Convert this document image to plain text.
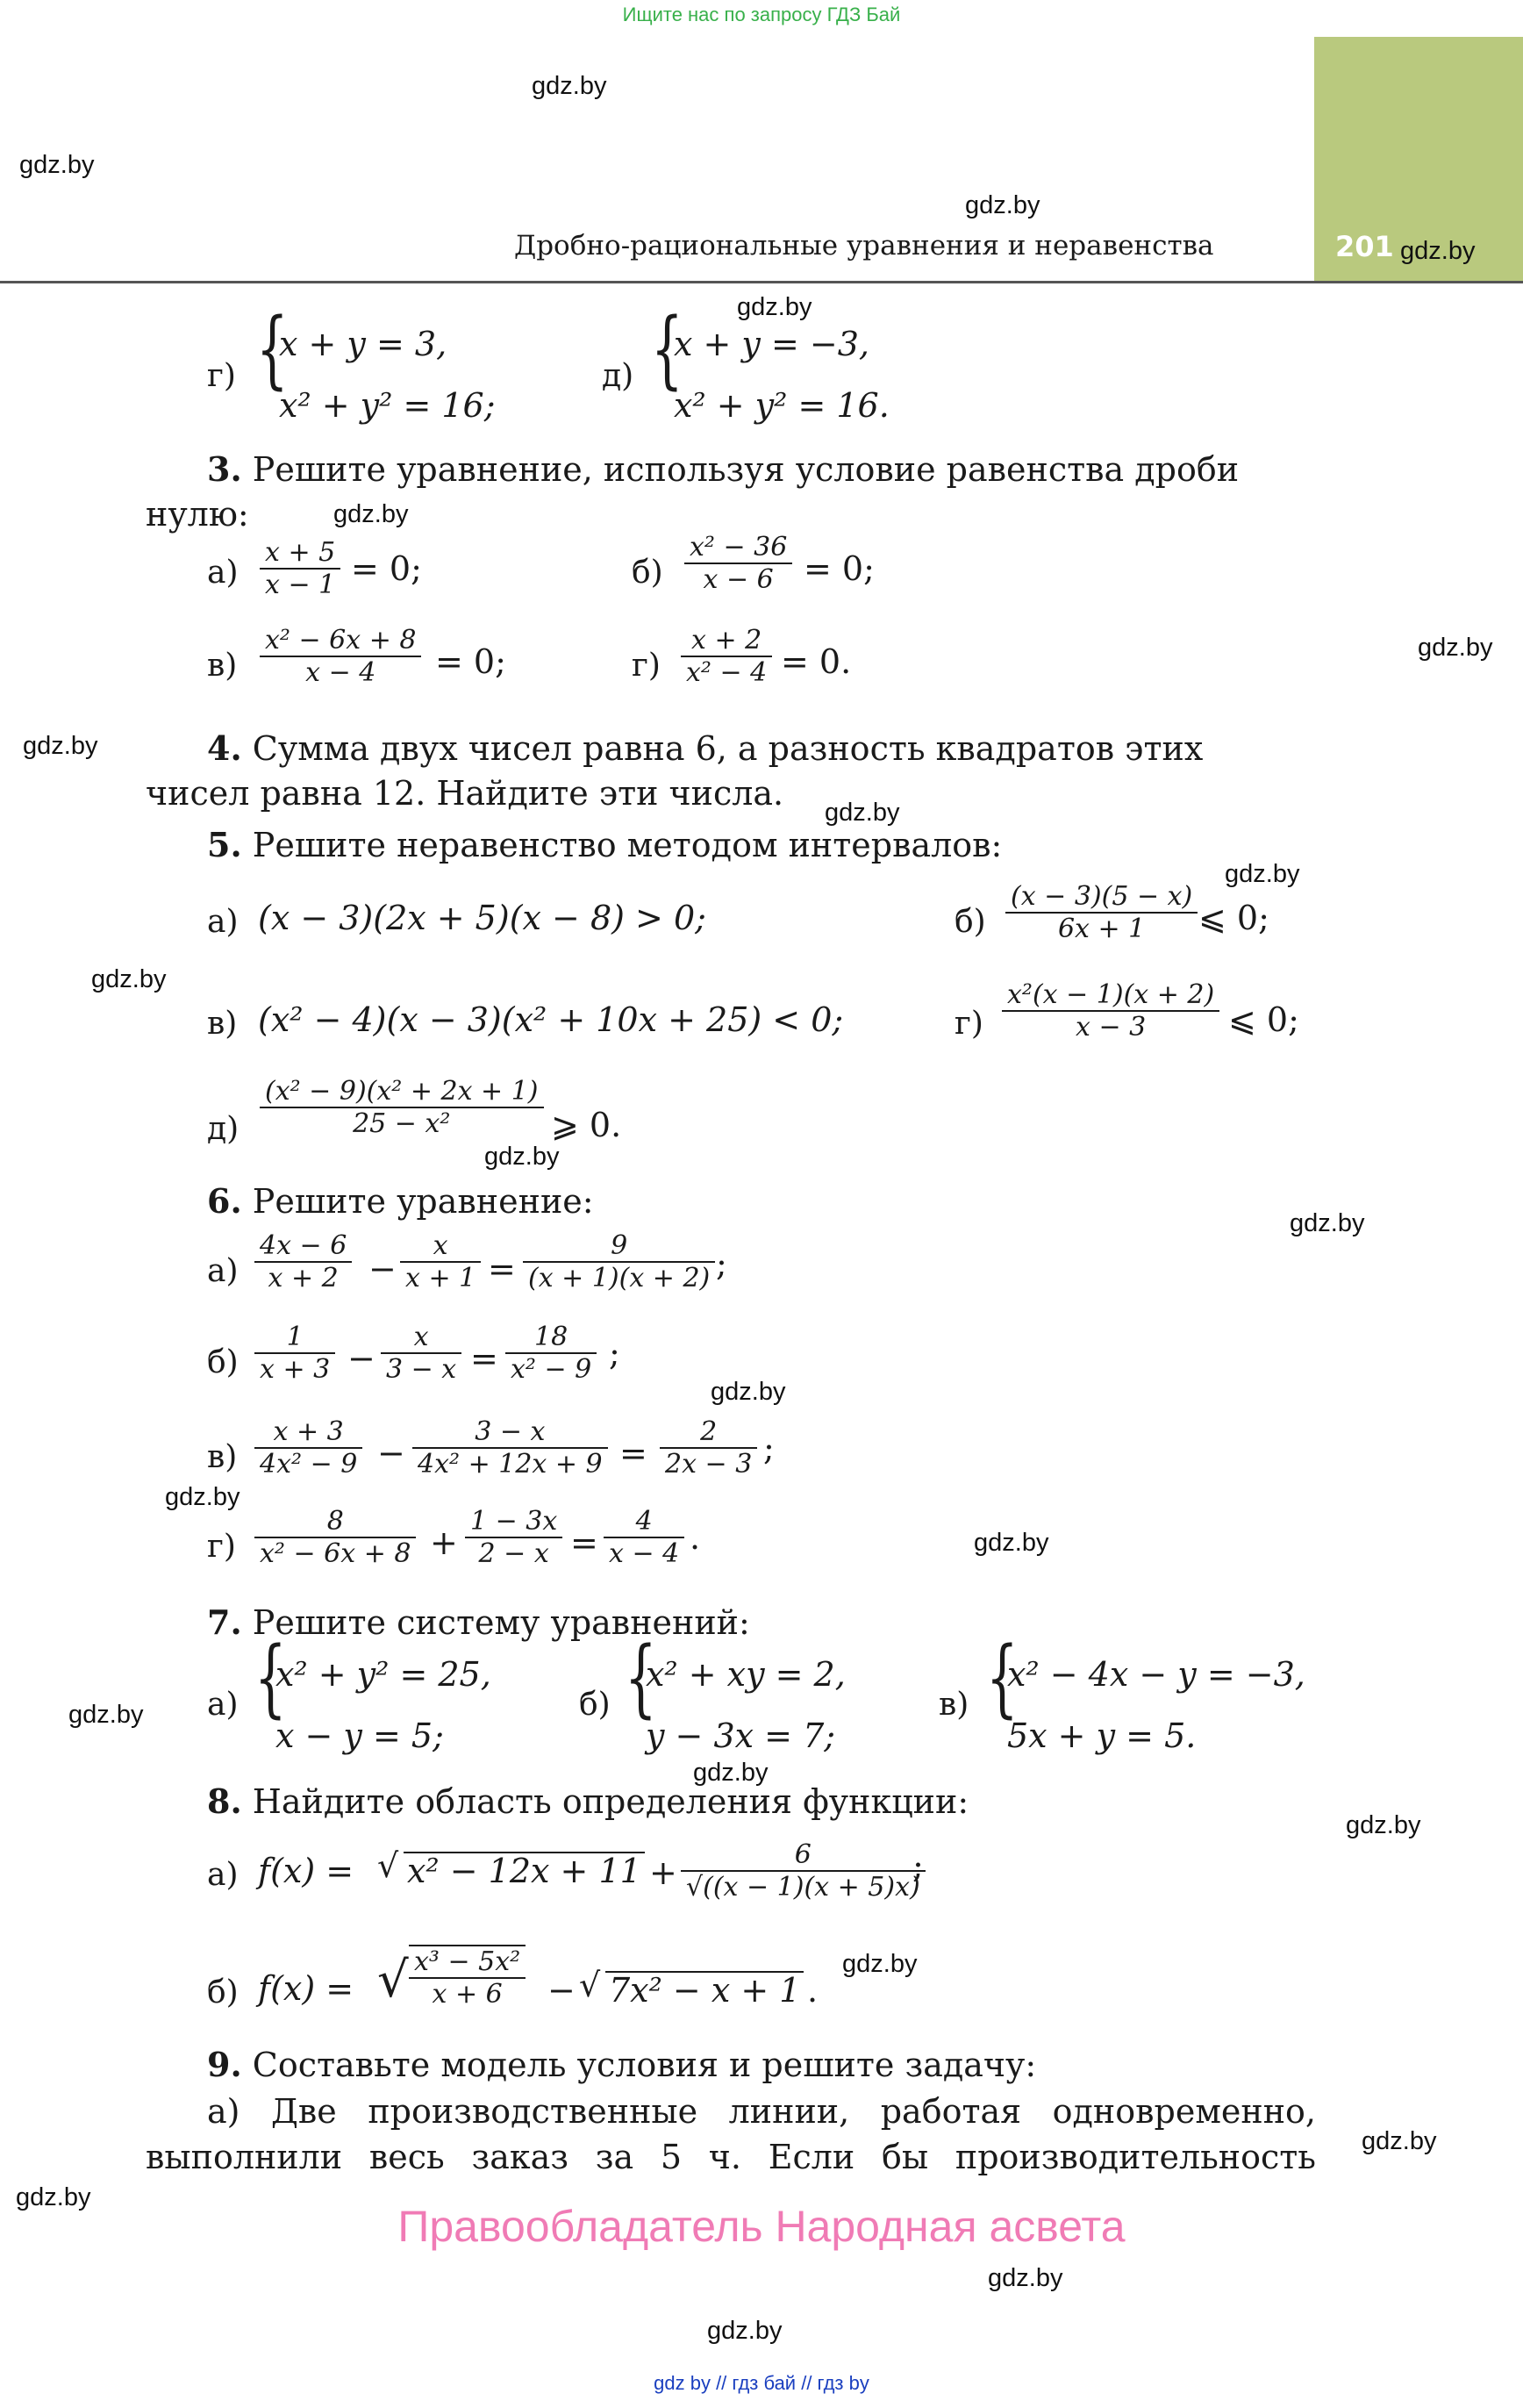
Ищите нас по запросу ГДЗ Бай
201
Дробно-рациональные уравнения и неравенства
gdz.by
gdz.by
gdz.by
gdz.by
gdz.by
gdz.by
gdz.by
gdz.by
gdz.by
gdz.by
gdz.by
gdz.by
gdz.by
gdz.by
gdz.by
gdz.by
gdz.by
gdz.by
gdz.by
gdz.by
gdz.by
gdz.by
gdz.by
gdz.by
г) {
x + y = 3,
x² + y² = 16;
д) {
x + y = −3,
x² + y² = 16.
3. Решите уравнение, используя условие равенства дроби
нулю:
$а) \frac{x + 5}{x - 1} = 0$;	$б) \frac{\text{x² − 36}}{x - 6} = 0$;
$в) \frac{\text{x² − 6x + 8}}{x - 4} = 0$;	$г) \frac{x + 2}{\text{x² − 4}} = 0$.
4. Сумма двух чисел равна 6, а разность квадратов этих
чисел равна 12. Найдите эти числа.
5. Решите неравенство методом интервалов:
а) (x − 3)(2x + 5)(x − 8) > 0;	$б) \frac{(x - 3)(5 - x)}{6x + 1}$ ⩽ 0;
в) (x² − 4)(x − 3)(x² + 10x + 25) < 0;	$г) \frac{\text{x²(x − 1)(x + 2)}}{x - 3}$ ⩽ 0;
$д) \frac{\text{(x² − 9)(x² + 2x + 1)}}{\text{25 − x²}}$ ⩾ 0.
6. Решите уравнение:
$а) \frac{4x - 6}{x + 2} - \frac{x}{x + 1} = \frac{9}{(x + 1)(x + 2)}$ ;
$б) \frac{1}{x + 3} - \frac{x}{3 - x} = \frac{18}{\text{x² − 9}}$ ;
$в) \frac{x + 3}{\text{4x² − 9}} - \frac{3 - x}{\text{4x² + 12x + 9}} = \frac{2}{2x - 3}$ ;
$г) \frac{8}{\text{x² − 6x + 8}} + \frac{1 - 3x}{2 - x} = \frac{4}{x - 4}$ .
7. Решите систему уравнений:
а) {
x² + y² = 25,
x − y = 5;
б) {
x² + xy = 2,
y − 3x = 7;
в) {
x² − 4x − y = −3,
5x + y = 5.
8. Найдите область определения функции:
а) f(x) = √ $x^2 - 12x + 11 + \frac{6}{√((x - 1)(x + 5)x)}$
;
б) f(x) = √ $\frac{\text{x³ − 5x²}}{x + 6}$ − √ 7x² − x + 1 .
9. Составьте модель условия и решите задачу:
а) Две производственные линии, работая одновременно,
выполнили весь заказ за 5 ч. Если бы производительность
Правообладатель Народная асвета
gdz by // гдз бай // гдз by
